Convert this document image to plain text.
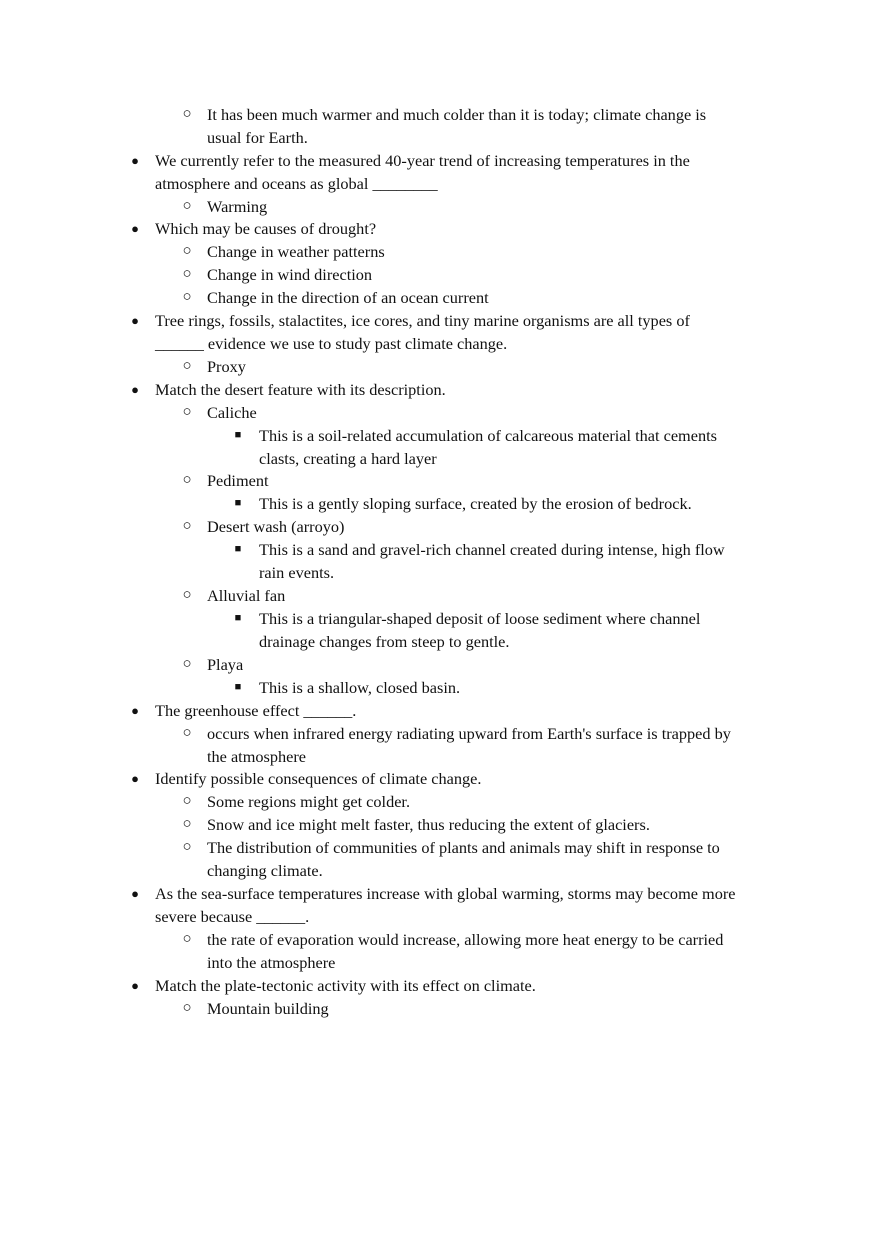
○ It has been much warmer and much colder than it is today; climate change is
usual for Earth.
● We currently refer to the measured 40-year trend of increasing temperatures in the
atmosphere and oceans as global ________
○ Warming
● Which may be causes of drought?
○ Change in weather patterns
○ Change in wind direction
○ Change in the direction of an ocean current
● Tree rings, fossils, stalactites, ice cores, and tiny marine organisms are all types of
______ evidence we use to study past climate change.
○ Proxy
● Match the desert feature with its description.
○ Caliche
■	This is a soil-related accumulation of calcareous material that cements
clasts, creating a hard layer
○ Pediment
■	This is a gently sloping surface, created by the erosion of bedrock.
○ Desert wash (arroyo)
■	This is a sand and gravel-rich channel created during intense, high flow
rain events.
○ Alluvial fan
■	This is a triangular-shaped deposit of loose sediment where channel
drainage changes from steep to gentle.
○ Playa
■	This is a shallow, closed basin.
● The greenhouse effect ______.
○ occurs when infrared energy radiating upward from Earth's surface is trapped by
the atmosphere
● Identify possible consequences of climate change.
○ Some regions might get colder.
○ Snow and ice might melt faster, thus reducing the extent of glaciers.
○ The distribution of communities of plants and animals may shift in response to
changing climate.
● As the sea-surface temperatures increase with global warming, storms may become more
severe because ______.
○ the rate of evaporation would increase, allowing more heat energy to be carried
into the atmosphere
● Match the plate-tectonic activity with its effect on climate.
○ Mountain building
